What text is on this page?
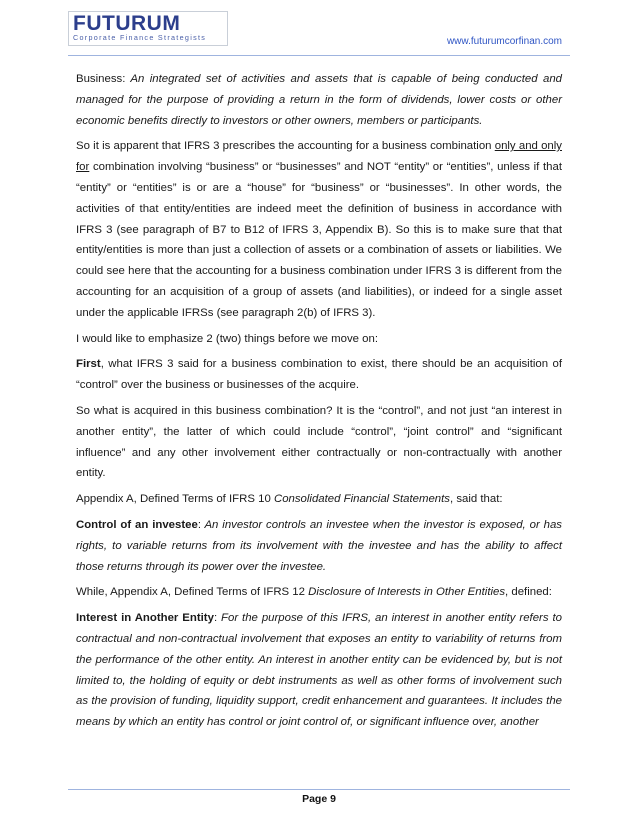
FUTURUM
Corporate Finance Strategists	www.futurumcorfinan.com

Business: An integrated set of activities and assets that is capable of being conducted and managed for the purpose of providing a return in the form of dividends, lower costs or other economic benefits directly to investors or other owners, members or participants.

So it is apparent that IFRS 3 prescribes the accounting for a business combination only and only for combination involving “business” or “businesses” and NOT “entity” or “entities”, unless if that “entity” or “entities” is or are a “house” for “business” or “businesses”. In other words, the activities of that entity/entities are indeed meet the definition of business in accordance with IFRS 3 (see paragraph of B7 to B12 of IFRS 3, Appendix B). So this is to make sure that that entity/entities is more than just a collection of assets or a combination of assets or liabilities. We could see here that the accounting for a business combination under IFRS 3 is different from the accounting for an acquisition of a group of assets (and liabilities), or indeed for a single asset under the applicable IFRSs (see paragraph 2(b) of IFRS 3).

I would like to emphasize 2 (two) things before we move on:

First, what IFRS 3 said for a business combination to exist, there should be an acquisition of “control” over the business or businesses of the acquire.

So what is acquired in this business combination? It is the “control”, and not just “an interest in another entity”, the latter of which could include “control”, “joint control” and “significant influence” and any other involvement either contractually or non-contractually with another entity.

Appendix A, Defined Terms of IFRS 10 Consolidated Financial Statements, said that:

Control of an investee: An investor controls an investee when the investor is exposed, or has rights, to variable returns from its involvement with the investee and has the ability to affect those returns through its power over the investee.

While, Appendix A, Defined Terms of IFRS 12 Disclosure of Interests in Other Entities, defined:

Interest in Another Entity: For the purpose of this IFRS, an interest in another entity refers to contractual and non-contractual involvement that exposes an entity to variability of returns from the performance of the other entity. An interest in another entity can be evidenced by, but is not limited to, the holding of equity or debt instruments as well as other forms of involvement such as the provision of funding, liquidity support, credit enhancement and guarantees. It includes the means by which an entity has control or joint control of, or significant influence over, another

Page 9
